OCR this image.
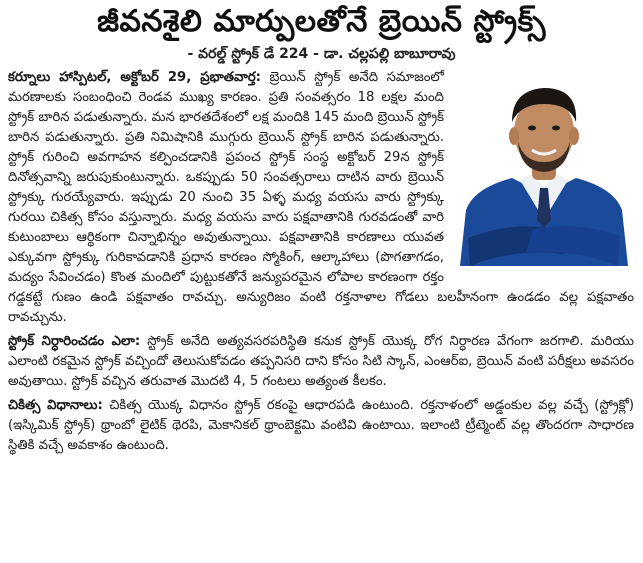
జీవనశైలి మార్పులతోనే బ్రెయిన్ స్ట్రోక్స్
- వరల్డ్ స్ట్రోక్ డే 224 - డా. చల్లపల్లి బాబూరావు

కర్నూలు హాస్పిటల్, అక్టోబర్ 29, ప్రభాతవార్త: బ్రెయిన్ స్ట్రోక్ అనేది సమాజంలో మరణాలకు సంబంధించి రెండవ ముఖ్య కారణం. ప్రతి సంవత్సరం 18 లక్షల మంది స్ట్రోక్ బారిన పడుతున్నారు. మన భారతదేశంలో లక్ష మందికి 145 మంది బ్రెయిన్ స్ట్రోక్ బారిన పడుతున్నారు. ప్రతి నిమిషానికి ముగ్గురు బ్రెయిన్ స్ట్రోక్ బారిన పడుతున్నారు. స్ట్రోక్ గురించి అవగాహన కల్పించడానికి ప్రపంచ స్ట్రోక్ సంస్థ అక్టోబర్ 29న స్ట్రోక్ దినోత్సవాన్ని జరుపుకుంటున్నారు. ఒకప్పుడు 50 సంవత్సరాలు దాటిన వారు బ్రెయిన్ స్ట్రోక్కు గురయ్యేవారు. ఇప్పుడు 20 నుంచి 35 ఏళ్ళ మధ్య వయసు వారు స్ట్రోక్కు గురయి చికిత్స కోసం వస్తున్నారు. మధ్య వయసు వారు పక్షవాతానికి గురవడంతో వారి కుటుంబాలు ఆర్థికంగా చిన్నాభిన్నం అవుతున్నాయి. పక్షవాతానికి కారణాలు యువత ఎక్కువగా స్ట్రోక్కు గురికావడానికి ప్రధాన కారణం స్మోకింగ్, ఆల్కాహాలు (పొగతాగడం, మద్యం సేవించడం) కొంత మందిలో పుట్టుకతోనే జన్యుపరమైన లోపాల కారణంగా రక్తం గడ్డకట్టే గుణం ఉండి పక్షవాతం రావచ్చు. అన్యురిజం వంటి రక్తనాళాల గోడలు బలహీనంగా ఉండడం వల్ల పక్షవాతం రావచ్చును.

స్ట్రోక్ నిర్ధారించడం ఎలా: స్ట్రోక్ అనేది అత్యవసరపరిస్థితి కనుక స్ట్రోక్ యొక్క రోగ నిర్ధారణ వేగంగా జరగాలి. మరియు ఎలాంటి రకమైన స్ట్రోక్ వచ్చిందో తెలుసుకోవడం తప్పనిసరి దాని కోసం సిటి స్కాన్, ఎంఆర్ఐ, బ్రెయిన్ వంటి పరీక్షలు అవసరం అవుతాయి. స్ట్రోక్ వచ్చిన తరువాత మొదటి 4, 5 గంటలు అత్యంత కీలకం.

చికిత్స విధానాలు: చికిత్స యొక్క విధానం స్ట్రోక్ రకంపై ఆధారపడి ఉంటుంది. రక్తనాళంలో అడ్డంకుల వల్ల వచ్చే (స్ట్రోక్లో) (ఇస్కిమిక్ స్ట్రోక్) థ్రాంబో లైటిక్ థెరపి, మెకానికల్ థ్రాంబెక్టమి వంటివి ఉంటాయి. ఇలాంటి ట్రీట్మెంట్ వల్ల తొందరగా సాధారణ స్థితికి వచ్చే అవకాశం ఉంటుంది.
